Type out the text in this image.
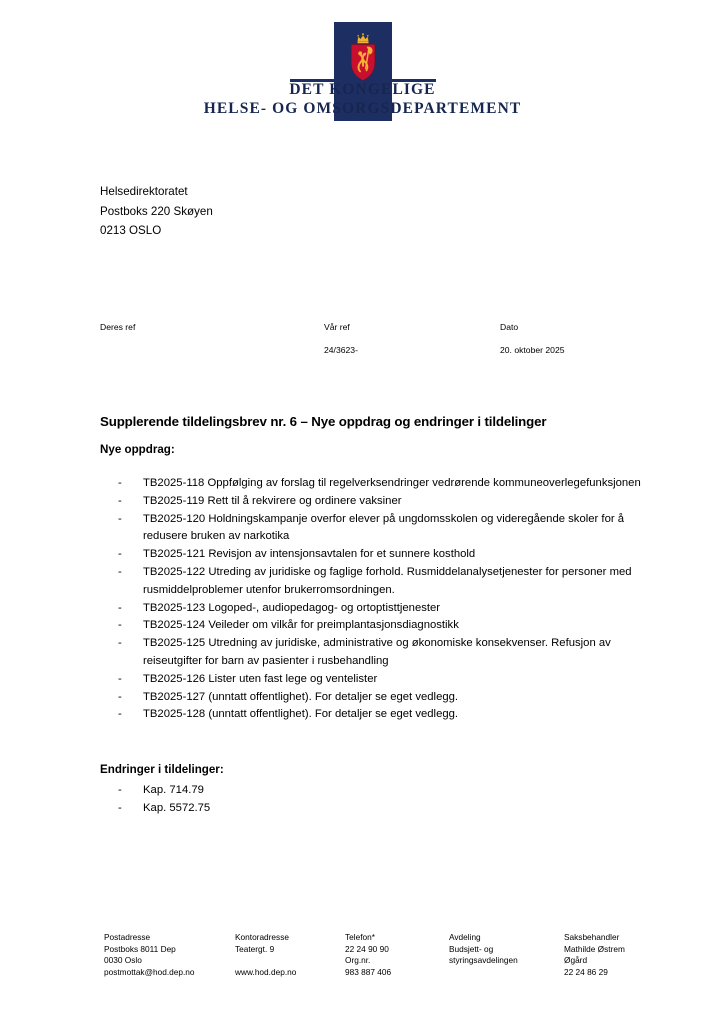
DET KONGELIGE
HELSE- OG OMSORGSDEPARTEMENT
Helsedirektoratet
Postboks 220 Skøyen
0213 OSLO
Deres ref	Vår ref
24/3623-
Dato
20. oktober 2025
Supplerende tildelingsbrev nr. 6 – Nye oppdrag og endringer i tildelinger
Nye oppdrag:
- TB2025-118 Oppfølging av forslag til regelverksendringer vedrørende kommuneoverlegefunksjonen
- TB2025-119 Rett til å rekvirere og ordinere vaksiner
- TB2025-120 Holdningskampanje overfor elever på ungdomsskolen og videregående skoler for å redusere bruken av narkotika
- TB2025-121 Revisjon av intensjonsavtalen for et sunnere kosthold
- TB2025-122 Utreding av juridiske og faglige forhold. Rusmiddelanalysetjenester for personer med rusmiddelproblemer utenfor brukerromsordningen.
- TB2025-123 Logoped-, audiopedagog- og ortoptisttjenester
- TB2025-124 Veileder om vilkår for preimplantasjonsdiagnostikk
- TB2025-125 Utredning av juridiske, administrative og økonomiske konsekvenser. Refusjon av reiseutgifter for barn av pasienter i rusbehandling
- TB2025-126 Lister uten fast lege og ventelister
- TB2025-127 (unntatt offentlighet). For detaljer se eget vedlegg.
- TB2025-128 (unntatt offentlighet). For detaljer se eget vedlegg.
Endringer i tildelinger:
- Kap. 714.79
- Kap. 5572.75
Postadresse
Postboks 8011 Dep
0030 Oslo
postmottak@hod.dep.no
Kontoradresse
Teatergt. 9
www.hod.dep.no
Telefon*
22 24 90 90
Org.nr.
983 887 406
Avdeling
Budsjett- og
styringsavdelingen
Saksbehandler
Mathilde Østrem
Øgård
22 24 86 29
